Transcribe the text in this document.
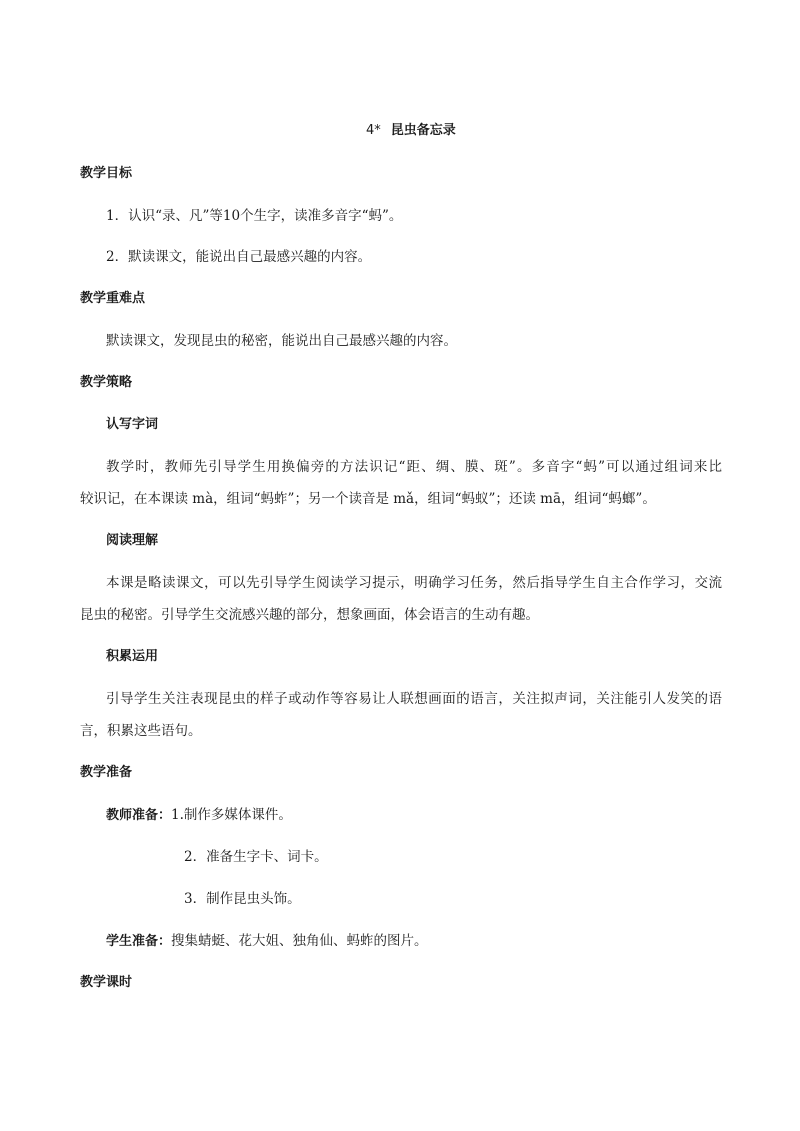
4* 昆虫备忘录
教学目标
1．认识“录、凡”等10个生字，读准多音字“蚂”。
2．默读课文，能说出自己最感兴趣的内容。
教学重难点
默读课文，发现昆虫的秘密，能说出自己最感兴趣的内容。
教学策略
认写字词
教学时，教师先引导学生用换偏旁的方法识记“距、绸、膜、斑”。多音字“蚂”可以通过组词来比
较识记，在本课读 mà，组词“蚂蚱”；另一个读音是 mǎ，组词“蚂蚁”；还读 mā，组词“蚂螂”。
阅读理解
本课是略读课文，可以先引导学生阅读学习提示，明确学习任务，然后指导学生自主合作学习，交流
昆虫的秘密。引导学生交流感兴趣的部分，想象画面，体会语言的生动有趣。
积累运用
引导学生关注表现昆虫的样子或动作等容易让人联想画面的语言，关注拟声词，关注能引人发笑的语
言，积累这些语句。
教学准备
教师准备：1.制作多媒体课件。
2．准备生字卡、词卡。
3．制作昆虫头饰。
学生准备：搜集蜻蜓、花大姐、独角仙、蚂蚱的图片。
教学课时
